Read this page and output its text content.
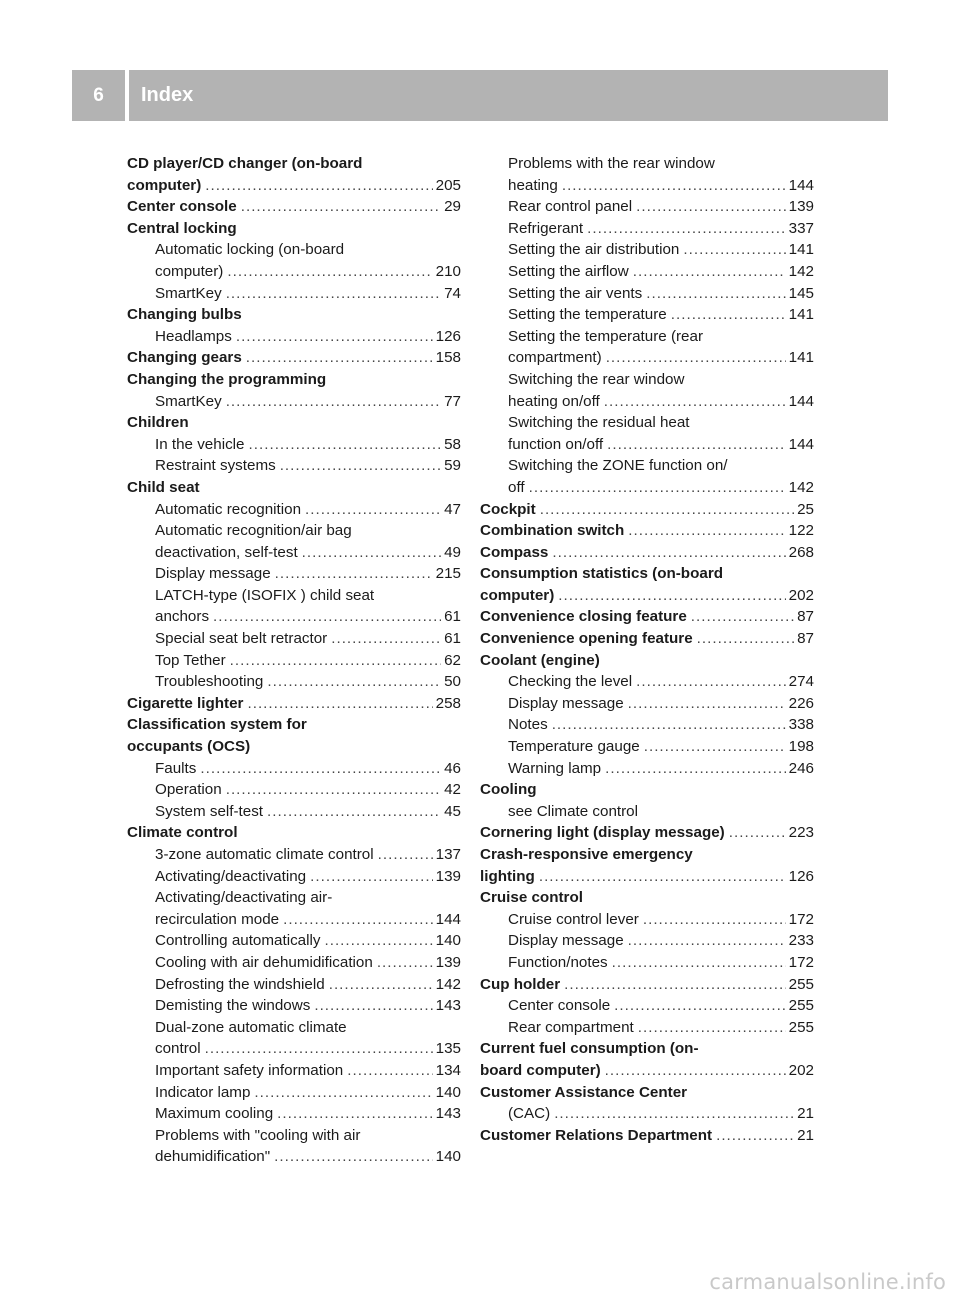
6	Index
CD player/CD changer (on-board
computer) . . .	205
Center console . . .	29
Central locking
Automatic locking (on-board
computer) . . .	210
SmartKey . . .	74
Changing bulbs
Headlamps . . .	126
Changing gears . . .	158
Changing the programming
SmartKey . . .	77
Children
In the vehicle . . .	58
Restraint systems . . .	59
Child seat
Automatic recognition . . .	47
Automatic recognition/air bag
deactivation, self-test . . .	49
Display message . . .	215
LATCH-type (ISOFIX ) child seat
anchors . . .	61
Special seat belt retractor . . .	61
Top Tether . . .	62
Troubleshooting . . .	50
Cigarette lighter . . .	258
Classification system for
occupants (OCS)
Faults . . .	46
Operation . . .	42
System self-test . . .	45
Climate control
3-zone automatic climate control . . .	137
Activating/deactivating . . .	139
Activating/deactivating air-
recirculation mode . . .	144
Controlling automatically . . .	140
Cooling with air dehumidification . . .	139
Defrosting the windshield . . .	142
Demisting the windows . . .	143
Dual-zone automatic climate
control . . .	135
Important safety information . . .	134
Indicator lamp . . .	140
Maximum cooling . . .	143
Problems with "cooling with air
dehumidification" . . .	140
Problems with the rear window
heating . . .	144
Rear control panel . . .	139
Refrigerant . . .	337
Setting the air distribution . . .	141
Setting the airflow . . .	142
Setting the air vents . . .	145
Setting the temperature . . .	141
Setting the temperature (rear
compartment) . . .	141
Switching the rear window
heating on/off . . .	144
Switching the residual heat
function on/off . . .	144
Switching the ZONE function on/
off . . .	142
Cockpit . . .	25
Combination switch . . .	122
Compass . . .	268
Consumption statistics (on-board
computer) . . .	202
Convenience closing feature . . .	87
Convenience opening feature . . .	87
Coolant (engine)
Checking the level . . .	274
Display message . . .	226
Notes . . .	338
Temperature gauge . . .	198
Warning lamp . . .	246
Cooling
see Climate control
Cornering light (display message) . . .	223
Crash-responsive emergency
lighting . . .	126
Cruise control
Cruise control lever . . .	172
Display message . . .	233
Function/notes . . .	172
Cup holder . . .	255
Center console . . .	255
Rear compartment . . .	255
Current fuel consumption (on-
board computer) . . .	202
Customer Assistance Center
(CAC) . . .	21
Customer Relations Department . . .	21
carmanualsonline.info
